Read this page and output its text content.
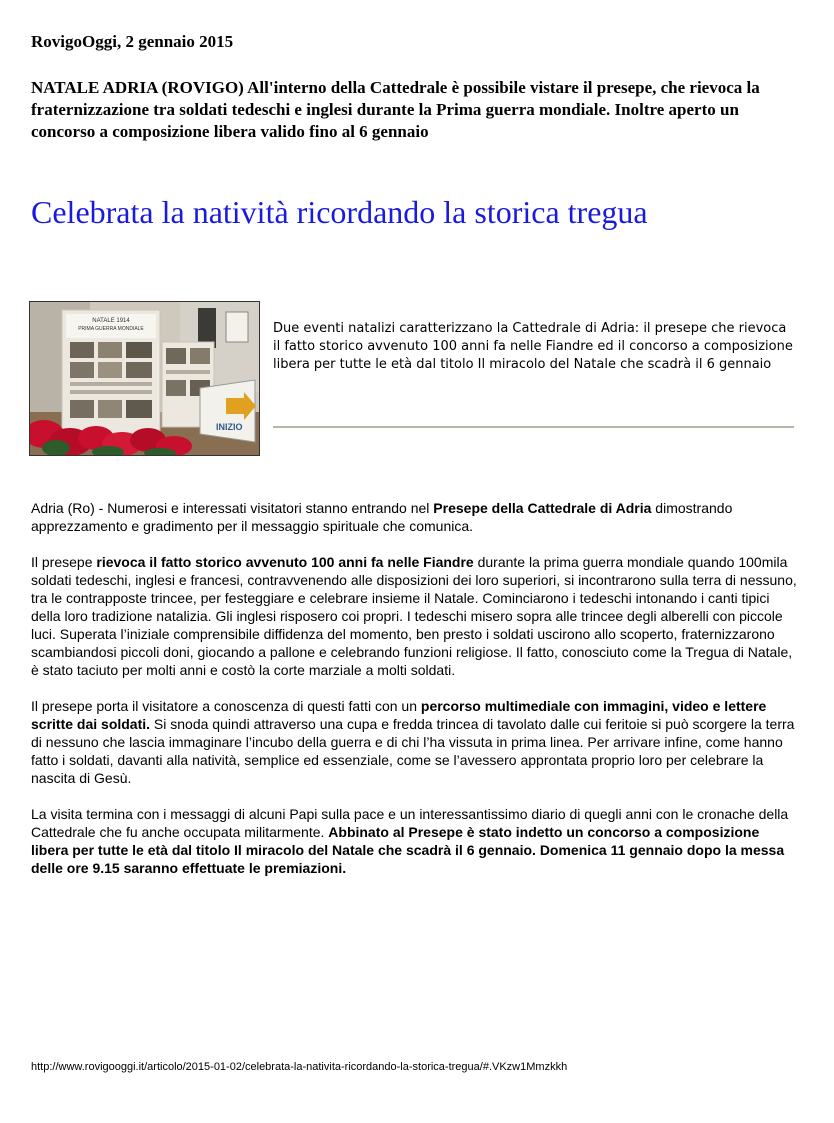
RovigoOggi, 2 gennaio 2015
NATALE ADRIA (ROVIGO) All'interno della Cattedrale è possibile vistare il presepe, che rievoca la fraternizzazione tra soldati tedeschi e inglesi durante la Prima guerra mondiale. Inoltre aperto un concorso a composizione libera valido fino al 6 gennaio
Celebrata la natività ricordando la storica tregua
NATALE 1914
PRIMA GUERRA MONDIALE
INIZIO
Due eventi natalizi caratterizzano la Cattedrale di Adria: il presepe che rievoca il fatto storico avvenuto 100 anni fa nelle Fiandre ed il concorso a composizione libera per tutte le età dal titolo Il miracolo del Natale che scadrà il 6 gennaio

Adria (Ro) - Numerosi e interessati visitatori stanno entrando nel Presepe della Cattedrale di Adria dimostrando apprezzamento e gradimento per il messaggio spirituale che comunica.

Il presepe rievoca il fatto storico avvenuto 100 anni fa nelle Fiandre durante la prima guerra mondiale quando 100mila soldati tedeschi, inglesi e francesi, contravvenendo alle disposizioni dei loro superiori, si incontrarono sulla terra di nessuno, tra le contrapposte trincee, per festeggiare e celebrare insieme il Natale. Cominciarono i tedeschi intonando i canti tipici della loro tradizione natalizia. Gli inglesi risposero coi propri. I tedeschi misero sopra alle trincee degli alberelli con piccole luci. Superata l’iniziale comprensibile diffidenza del momento, ben presto i soldati uscirono allo scoperto, fraternizzarono scambiandosi piccoli doni, giocando a pallone e celebrando funzioni religiose. Il fatto, conosciuto come la Tregua di Natale, è stato taciuto per molti anni e costò la corte marziale a molti soldati.

Il presepe porta il visitatore a conoscenza di questi fatti con un percorso multimediale con immagini, video e lettere scritte dai soldati. Si snoda quindi attraverso una cupa e fredda trincea di tavolato dalle cui feritoie si può scorgere la terra di nessuno che lascia immaginare l’incubo della guerra e di chi l’ha vissuta in prima linea. Per arrivare infine, come hanno fatto i soldati, davanti alla natività, semplice ed essenziale, come se l’avessero approntata proprio loro per celebrare la nascita di Gesù.

La visita termina con i messaggi di alcuni Papi sulla pace e un interessantissimo diario di quegli anni con le cronache della Cattedrale che fu anche occupata militarmente. Abbinato al Presepe è stato indetto un concorso a composizione libera per tutte le età dal titolo Il miracolo del Natale che scadrà il 6 gennaio. Domenica 11 gennaio dopo la messa delle ore 9.15 saranno effettuate le premiazioni.

http://www.rovigooggi.it/articolo/2015-01-02/celebrata-la-nativita-ricordando-la-storica-tregua/#.VKzw1Mmzkkh
